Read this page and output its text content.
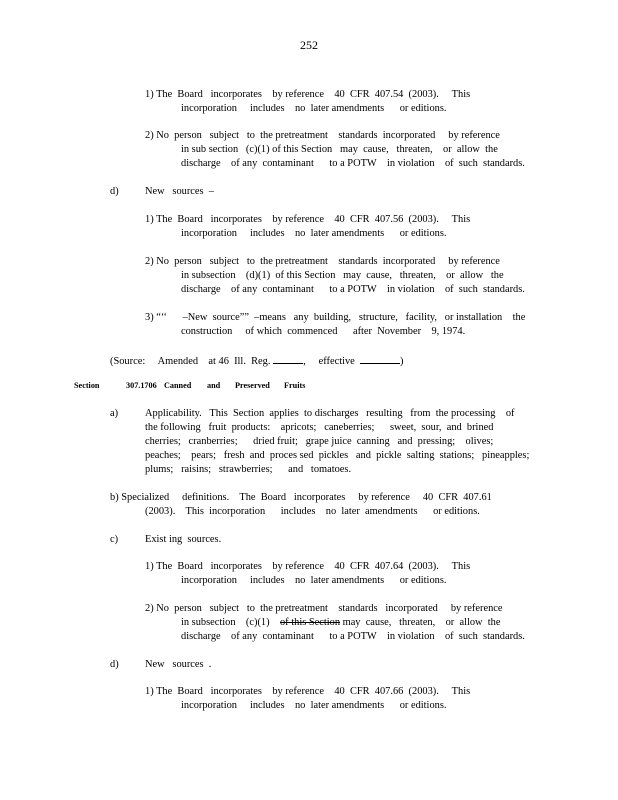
252
1) The  Board   incorporates    by reference    40  CFR  407.54  (2003).     This
incorporation     includes    no  later amendments      or editions.
2) No  person   subject   to  the pretreatment    standards  incorporated     by reference
in sub section   (c)(1) of this Section   may  cause,   threaten,    or  allow  the
discharge    of any  contaminant      to a POTW    in violation    of  such  standards.
d)	New   sources  –
1) The  Board   incorporates    by reference    40  CFR  407.56  (2003).     This
incorporation     includes    no  later amendments      or editions.
2) No  person   subject   to  the pretreatment    standards  incorporated     by reference
in subsection    (d)(1)  of this Section   may  cause,   threaten,    or  allow   the
discharge    of any  contaminant      to a POTW    in violation    of  such  standards.
3) “‘‘      –New  source””  –means   any  building,   structure,   facility,   or installation    the
construction     of which  commenced      after  November    9, 1974.
(Source:     Amended    at 46  Ill.  Reg.	,     effective	)
Section	307.1706 Canned and Preserved Fruits
a)	Applicability.   This  Section  applies  to discharges   resulting   from  the processing    of
the following   fruit  products:    apricots;   caneberries;      sweet,  sour,  and  brined
cherries;   cranberries;      dried fruit;   grape juice  canning   and  pressing;    olives;
peaches;    pears;   fresh  and  proces sed  pickles   and  pickle  salting  stations;   pineapples;
plums;   raisins;   strawberries;      and   tomatoes.
b) Specialized     definitions.    The  Board   incorporates     by reference     40  CFR  407.61
(2003).    This  incorporation      includes    no  later  amendments      or editions.
c)	Exist ing  sources.
1) The  Board   incorporates    by reference    40  CFR  407.64  (2003).     This
incorporation     includes    no  later amendments      or editions.
2) No  person   subject   to  the pretreatment    standards   incorporated     by reference
in subsection    (c)(1)    of this Section may  cause,   threaten,    or  allow  the
discharge    of any  contaminant      to a POTW    in violation    of  such  standards.
d)	New   sources  .
1) The  Board   incorporates    by reference    40  CFR  407.66  (2003).     This
incorporation     includes    no  later amendments      or editions.
